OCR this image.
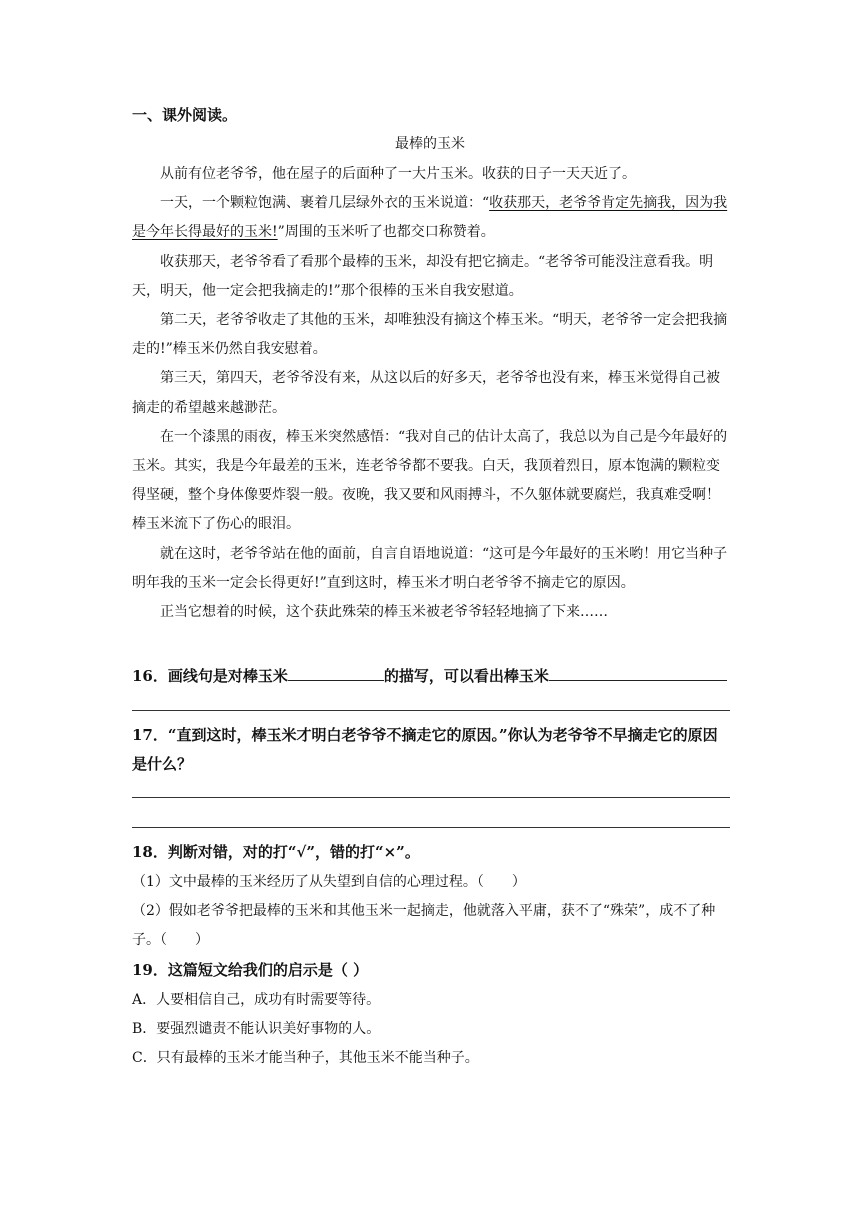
一、课外阅读。
最棒的玉米

从前有位老爷爷，他在屋子的后面种了一大片玉米。收获的日子一天天近了。

一天，一个颗粒饱满、裹着几层绿外衣的玉米说道：“收获那天，老爷爷肯定先摘我，因为我是今年长得最好的玉米!”周围的玉米听了也都交口称赞着。

收获那天，老爷爷看了看那个最棒的玉米，却没有把它摘走。“老爷爷可能没注意看我。明天，明天，他一定会把我摘走的!”那个很棒的玉米自我安慰道。

第二天，老爷爷收走了其他的玉米，却唯独没有摘这个棒玉米。“明天，老爷爷一定会把我摘走的!”棒玉米仍然自我安慰着。

第三天，第四天，老爷爷没有来，从这以后的好多天，老爷爷也没有来，棒玉米觉得自己被摘走的希望越来越渺茫。

在一个漆黑的雨夜，棒玉米突然感悟：“我对自己的估计太高了，我总以为自己是今年最好的玉米。其实，我是今年最差的玉米，连老爷爷都不要我。白天，我顶着烈日，原本饱满的颗粒变得坚硬，整个身体像要炸裂一般。夜晚，我又要和风雨搏斗，不久躯体就要腐烂，我真难受啊！棒玉米流下了伤心的眼泪。

就在这时，老爷爷站在他的面前，自言自语地说道：“这可是今年最好的玉米哟！用它当种子明年我的玉米一定会长得更好!”直到这时，棒玉米才明白老爷爷不摘走它的原因。

正当它想着的时候，这个获此殊荣的棒玉米被老爷爷轻轻地摘了下来……

16．画线句是对棒玉米	的描写，可以看出棒玉米
17．“直到这时，棒玉米才明白老爷爷不摘走它的原因。”你认为老爷爷不早摘走它的原因是什么？
18．判断对错，对的打“√”，错的打“×”。
（1）文中最棒的玉米经历了从失望到自信的心理过程。（　　）
（2）假如老爷爷把最棒的玉米和其他玉米一起摘走，他就落入平庸，获不了“殊荣”，成不了种子。（　　）
19．这篇短文给我们的启示是（ ）
A．人要相信自己，成功有时需要等待。
B．要强烈谴责不能认识美好事物的人。
C．只有最棒的玉米才能当种子，其他玉米不能当种子。
